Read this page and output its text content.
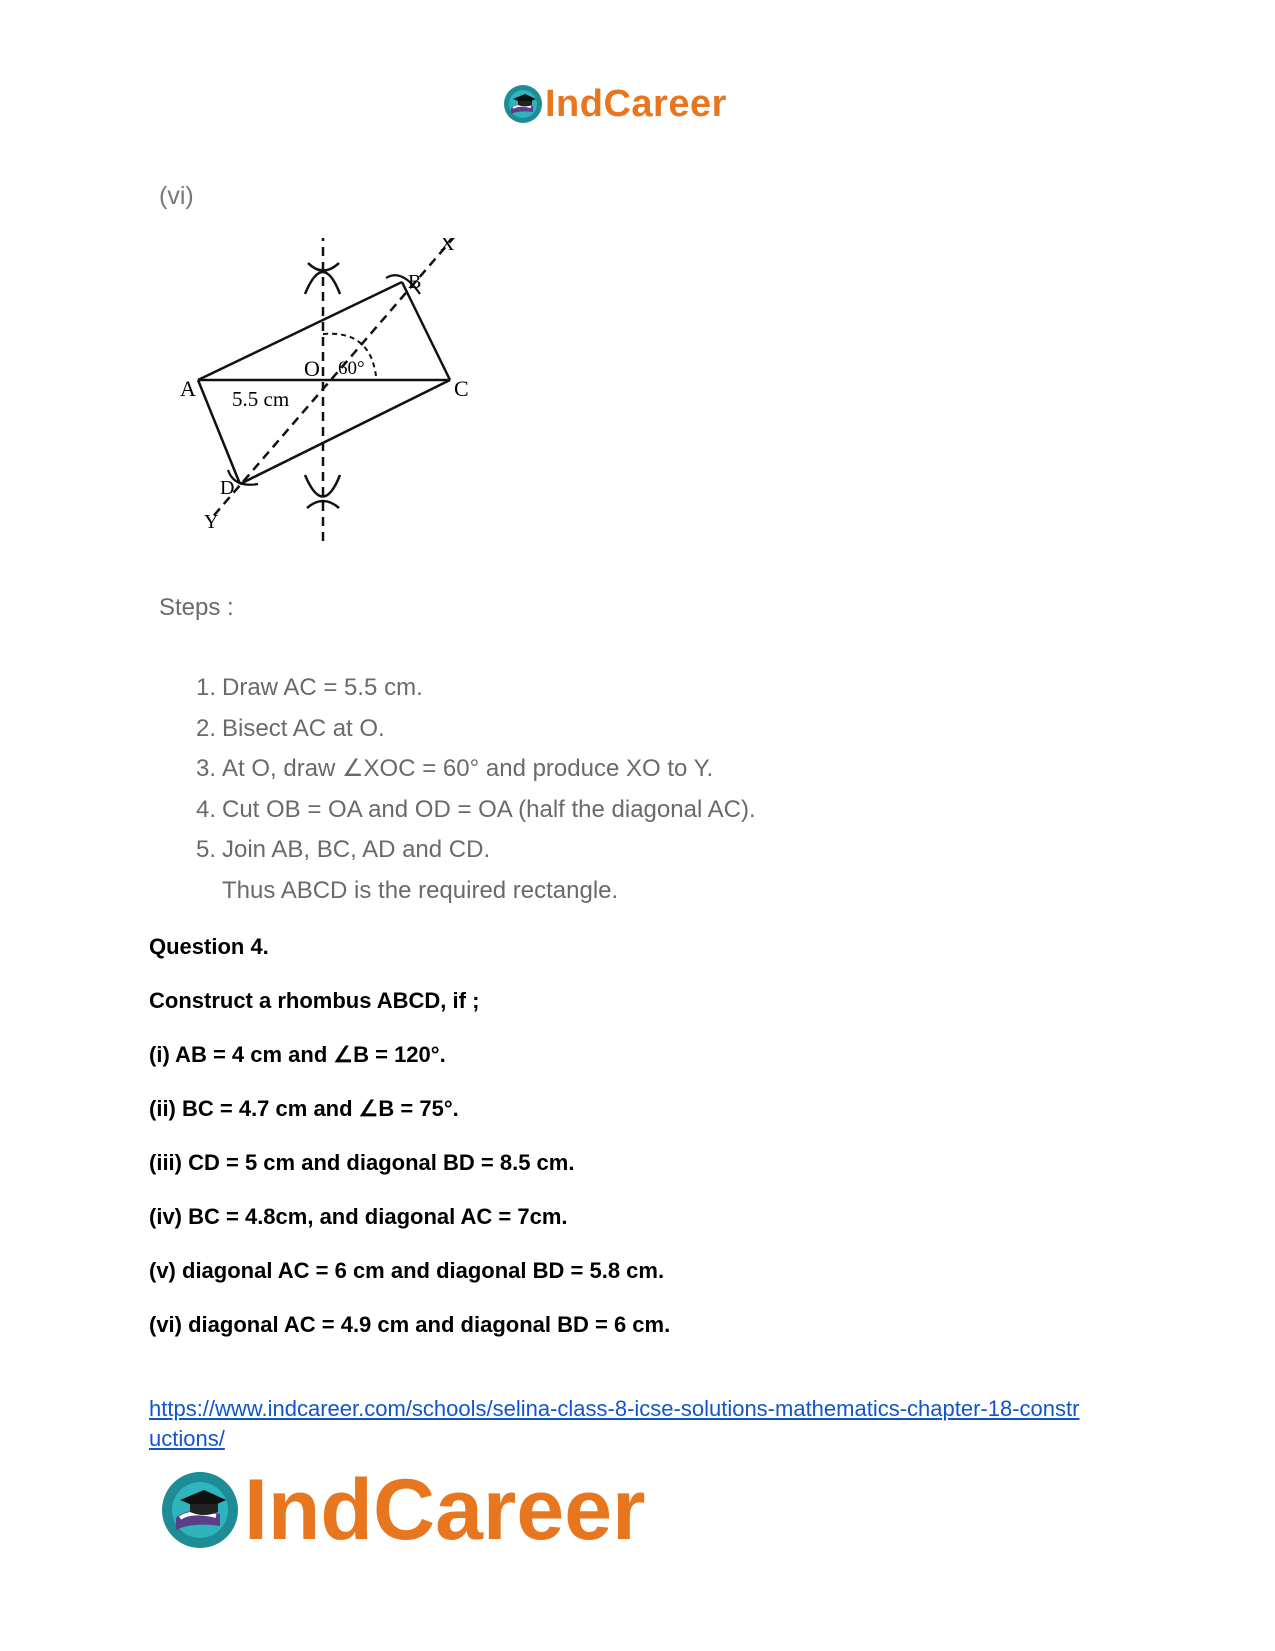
IndCareer
(vi)
A
B
C
D
O
X
Y
5.5 cm
60°
Steps :
1. Draw AC = 5.5 cm.
2. Bisect AC at O.
3. At O, draw ∠XOC = 60° and produce XO to Y.
4. Cut OB = OA and OD = OA (half the diagonal AC).
5. Join AB, BC, AD and CD.
Thus ABCD is the required rectangle.
Question 4.
Construct a rhombus ABCD, if ;
(i) AB = 4 cm and ∠B = 120°.
(ii) BC = 4.7 cm and ∠B = 75°.
(iii) CD = 5 cm and diagonal BD = 8.5 cm.
(iv) BC = 4.8cm, and diagonal AC = 7cm.
(v) diagonal AC = 6 cm and diagonal BD = 5.8 cm.
(vi) diagonal AC = 4.9 cm and diagonal BD = 6 cm.
https://www.indcareer.com/schools/selina-class-8-icse-solutions-mathematics-chapter-18-constr
uctions/
IndCareer
